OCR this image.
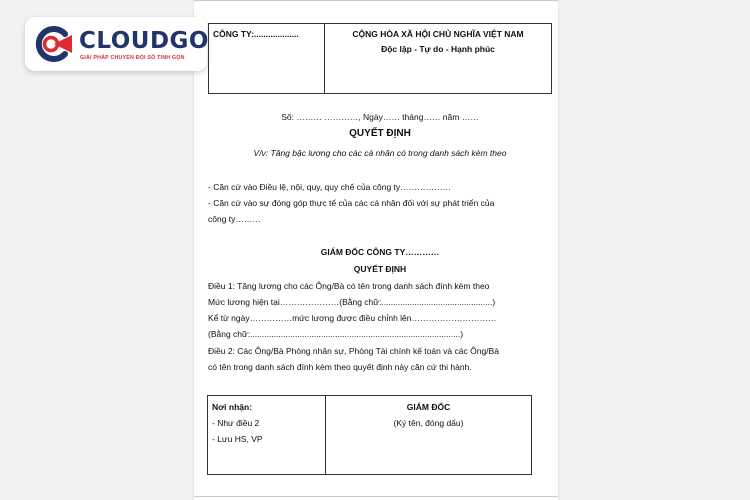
CLOUDGO
GIẢI PHÁP CHUYỂN ĐỔI SỐ TINH GỌN
CÔNG TY:...................	CỘNG HÒA XÃ HỘI CHỦ NGHĨA VIỆT NAM
Độc lập - Tự do - Hạnh phúc
Số: ……… …………, Ngày…… tháng…… năm ……
QUYẾT ĐỊNH
V/v: Tăng bậc lương cho các cá nhân có trong danh sách kèm theo
- Căn cứ vào Điều lệ, nội, quy, quy chế của công ty………………
- Căn cứ vào sự đóng góp thực tế của các cá nhân đối với sự phát triển của
công ty………
GIÁM ĐỐC CÔNG TY…………
QUYẾT ĐỊNH
Điều 1: Tăng lương cho các Ông/Bà có tên trong danh sách đính kèm theo
Mức lương hiện tại…………………(Bằng chữ:...............................................)
Kể từ ngày……………mức lương được điều chỉnh lên…………………………
(Bằng chữ:.........................................................................................)
Điều 2: Các Ông/Bà Phòng nhân sự, Phòng Tài chính kế toán và các Ông/Bà
có tên trong danh sách đính kèm theo quyết định này căn cứ thi hành.
Nơi nhận:
- Như điều 2
- Lưu HS, VP
GIÁM ĐỐC
(Ký tên, đóng dấu)
